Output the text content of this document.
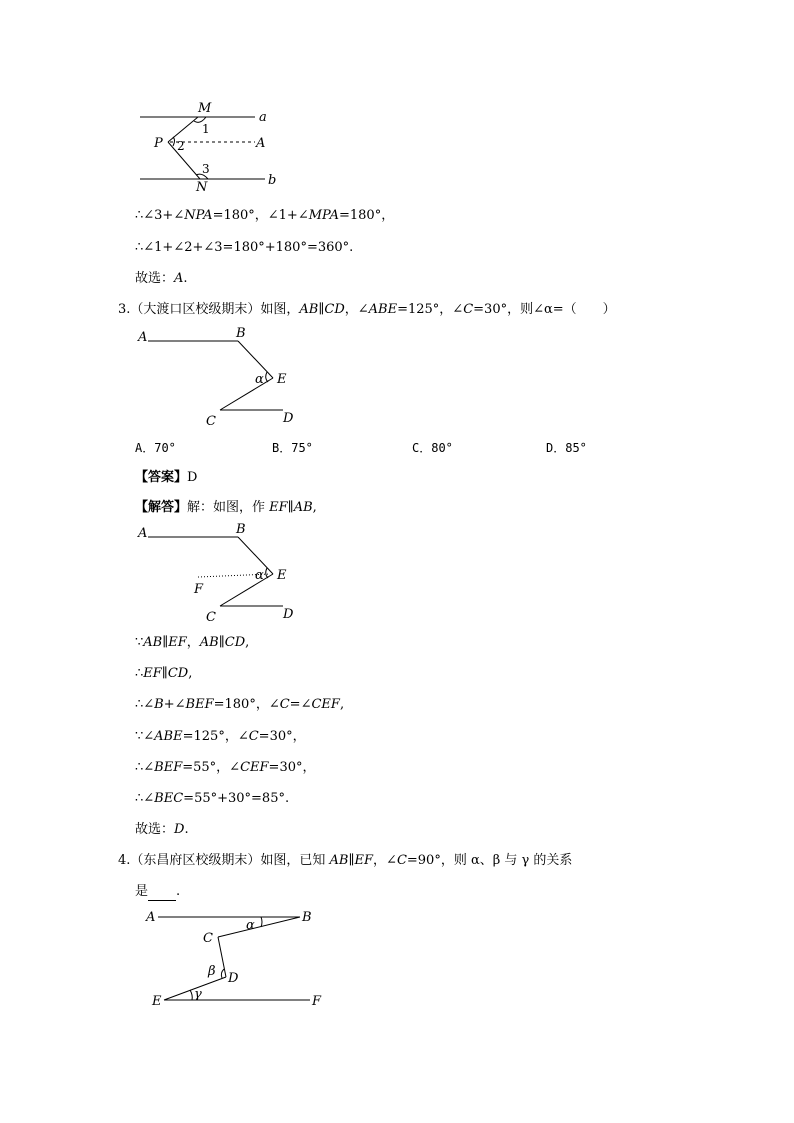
M
a
1
P 2	A
3
N	b
∴∠3+∠NPA=180°，∠1+∠MPA=180°，
∴∠1+∠2+∠3=180°+180°=360°.
故选：A.
3.（大渡口区校级期末）如图，AB∥CD，∠ABE=125°，∠C=30°，则∠α=（　　）
A	B
α E
C	D
A．70°	B．75°	C．80°	D．85°
【答案】D
【解答】解：如图，作 EF∥AB,
A	B
α E
F
C	D
∵AB∥EF，AB∥CD,
∴EF∥CD,
∴∠B+∠BEF=180°，∠C=∠CEF,
∵∠ABE=125°，∠C=30°，
∴∠BEF=55°，∠CEF=30°，
∴∠BEC=55°+30°=85°.
故选：D.
4.（东昌府区校级期末）如图，已知 AB∥EF，∠C=90°，则 α、β 与 γ 的关系
是 .
A	B
α
C
β D
E	γ	F
